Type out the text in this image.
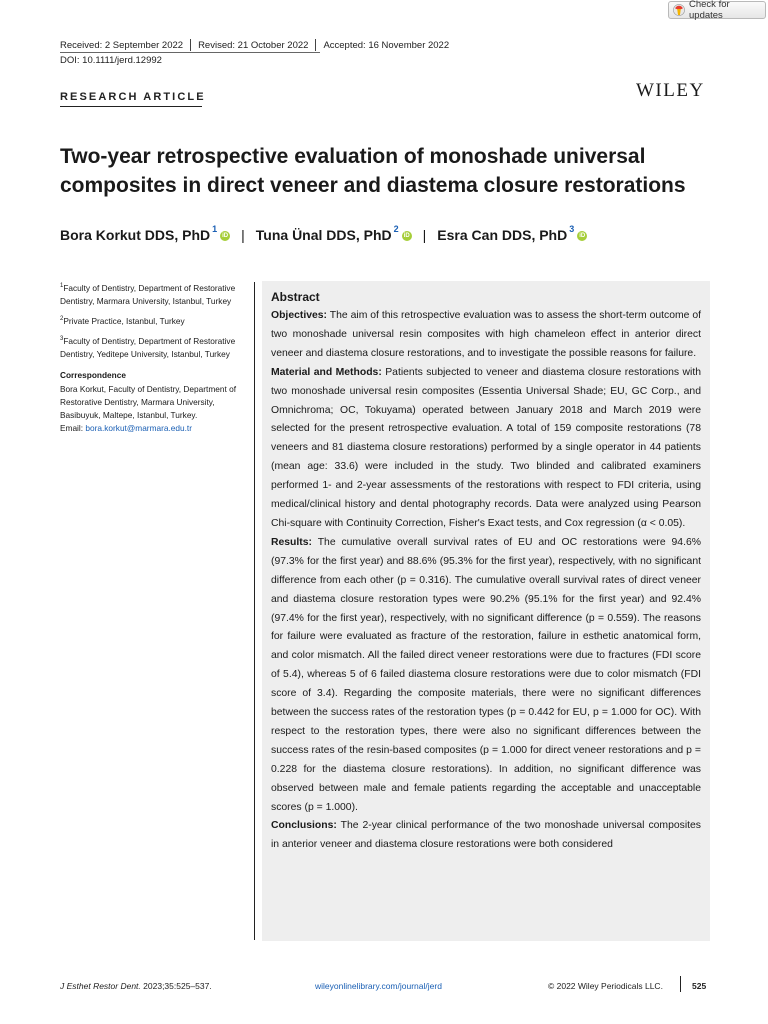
Check for updates
Received: 2 September 2022 Revised: 21 October 2022 Accepted: 16 November 2022
DOI: 10.1111/jerd.12992
RESEARCH ARTICLE	WILEY
Two-year retrospective evaluation of monoshade universal composites in direct veneer and diastema closure restorations
Bora Korkut DDS, PhD$^1$
iD | Tuna Ünal DDS, PhD$^2$
iD | Esra Can DDS, PhD$^3$
iD

$^1$Faculty of Dentistry, Department of Restorative Dentistry, Marmara University, Istanbul, Turkey

$^2$Private Practice, Istanbul, Turkey

$^3$Faculty of Dentistry, Department of Restorative Dentistry, Yeditepe University, Istanbul, Turkey

Correspondence
Bora Korkut, Faculty of Dentistry, Department of Restorative Dentistry, Marmara University, Basibuyuk, Maltepe, Istanbul, Turkey.
Email: bora.korkut@marmara.edu.tr
Abstract

Objectives: The aim of this retrospective evaluation was to assess the short-term outcome of two monoshade universal resin composites with high chameleon effect in anterior direct veneer and diastema closure restorations, and to investigate the possible reasons for failure.

Material and Methods: Patients subjected to veneer and diastema closure restorations with two monoshade universal resin composites (Essentia Universal Shade; EU, GC Corp., and Omnichroma; OC, Tokuyama) operated between January 2018 and March 2019 were selected for the present retrospective evaluation. A total of 159 composite restorations (78 veneers and 81 diastema closure restorations) performed by a single operator in 44 patients (mean age: 33.6) were included in the study. Two blinded and calibrated examiners performed 1- and 2-year assessments of the restorations with respect to FDI criteria, using medical/clinical history and dental photography records. Data were analyzed using Pearson Chi-square with Continuity Correction, Fisher's Exact tests, and Cox regression (α < 0.05).

Results: The cumulative overall survival rates of EU and OC restorations were 94.6% (97.3% for the first year) and 88.6% (95.3% for the first year), respectively, with no significant difference from each other (p = 0.316). The cumulative overall survival rates of direct veneer and diastema closure restoration types were 90.2% (95.1% for the first year) and 92.4% (97.4% for the first year), respectively, with no significant difference (p = 0.559). The reasons for failure were evaluated as fracture of the restoration, failure in esthetic anatomical form, and color mismatch. All the failed direct veneer restorations were due to fractures (FDI score of 5.4), whereas 5 of 6 failed diastema closure restorations were due to color mismatch (FDI score of 3.4). Regarding the composite materials, there were no significant differences between the success rates of the restoration types (p = 0.442 for EU, p = 1.000 for OC). With respect to the restoration types, there were also no significant differences between the success rates of the resin-based composites (p = 1.000 for direct veneer restorations and p = 0.228 for the diastema closure restorations). In addition, no significant difference was observed between male and female patients regarding the acceptable and unacceptable scores (p = 1.000).

Conclusions: The 2-year clinical performance of the two monoshade universal composites in anterior veneer and diastema closure restorations were both considered

J Esthet Restor Dent. 2023;35:525–537.	wileyonlinelibrary.com/journal/jerd	© 2022 Wiley Periodicals LLC.	525
